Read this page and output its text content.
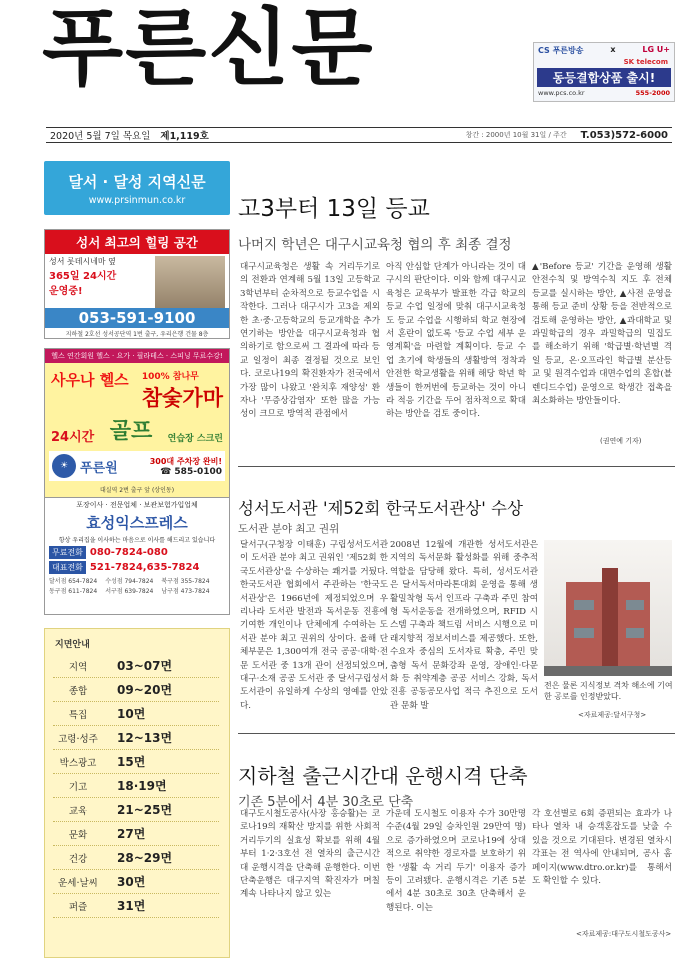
푸른신문	CS 푸른방송	x	LG U+
SK telecom
동등결합상품 출시!
www.pcs.co.kr	555-2000
2020년 5월 7일 목요일 제1,119호	창간 : 2000년 10월 31일 / 주간 T.053)572-6000
달서 · 달성 지역신문
www.prsinmun.co.kr
성서 최고의 힐링 공간
성서 롯데시네마 옆
365일 24시간
운영중!
053-591-9100
지하철 2호선 성서공단역 1번 출구, 우리은행 건물 8층
헬스 연간회원 헬스 · 요가 · 필라테스 · 스피닝 무료수강!
사우나 헬스 100% 참나무
참숯가마
24시간 골프 연습장 스크린
☀ 푸른원	300대 주차장 완비!
☎ 585-0100
대실역 2번 출구 앞 (상인동)
포장이사 · 전문업체 · 보관보험가입업체
효성익스프레스
항상 우리집을 이사하는 마음으로 이사를 해드리고 있습니다
무료전화 080-7824-080
대표전화 521-7824,635-7824
달서점 654-7824 수성점 794-7824 북구점 355-7824
동구점 611-7824 서구점 639-7824 남구점 473-7824
지면안내
지역	03~07면
종합	09~20면
특집	10면
고령·성주	12~13면
박스광고	15면
기고	18·19면
교육	21~25면
문화	27면
건강	28~29면
운세·날씨	30면
퍼즐	31면
고3부터 13일 등교
나머지 학년은 대구시교육청 협의 후 최종 결정
대구시교육청은 생활 속 거리두기로의 전환과 연계해 5월 13일 고등학교 3학년부터 순차적으로 등교수업을 시작한다. 그러나 대구시가 고3을 제외한 초·중·고등학교의 등교개학을 추가 연기하는 방안을 대구시교육청과 협의하기로 함으로써 그 결과에 따라 등교 일정이 최종 결정될 것으로 보인다. 코로나19의 확진환자가 전국에서 가장 많이 나왔고 '완치후 재양성' 환자나 '무증상감염자' 또한 많을 가능성이 크므로 방역적 관점에서
아직 안심할 단계가 아니라는 것이 대구시의 판단이다. 이와 함께 대구시교육청은 교육부가 발표한 각급 학교의 등교 수업 일정에 맞춰 대구시교육청도 등교 수업을 시행하되 학교 현장에서 혼란이 없도록 '등교 수업 세부 운영계획'을 마련할 계획이다. 등교 수업 초기에 학생들의 생활방역 정착과 안전한 학교생활을 위해 해당 학년 학생들이 한꺼번에 등교하는 것이 아니라 적응 기간을 두어 점차적으로 확대하는 방안을 검토 중이다.
▲'Before 등교' 기간을 운영해 생활안전수칙 및 방역수칙 지도 후 전체 등교를 실시하는 방안, ▲사전 운영을 통해 등교 준비 상황 등을 전반적으로 검토해 운영하는 방안, ▲과대학교 및 과밀학급의 경우 과밀학급의 밀집도를 해소하기 위해 '학급별·학년별 격일 등교, 온·오프라인 학급별 분산등교 및 원격수업과 대면수업의 혼합(블렌디드수업) 운영으로 학생간 접촉을 최소화하는 방안들이다.
(권연예 기자)
성서도서관 '제52회 한국도서관상' 수상
도서관 분야 최고 권위
달서구(구청장 이태훈) 구립성서도서관이 도서관 분야 최고 권위인 '제52회 한국도서관상'을 수상하는 쾌거를 거뒀다. 한국도서관 협회에서 주관하는 '한국도서관상'은 1966년에 제정되었으며 우리나라 도서관 발전과 독서운동 진흥에 기여한 개인이나 단체에게 수여하는 도서관 분야 최고 권위의 상이다. 올해 단체부문은 1,300여개 전국 공공·대학·전문 도서관 중 13개 관이 선정되었으며, 대구·소재 공공 도서관 중 달서구립성서도서관이 유일하게 수상의 영예를 안았다.
2008년 12월에 개관한 성서도서관은 지역의 독서문화 활성화를 위해 중추적 역할을 담당해 왔다. 특히, 성서도서관은 달서독서마라톤대회 운영을 통해 생활밀착형 독서 인프라 구축과 주민 참여형 독서운동을 전개하였으며, RFID 시스템 구축과 책드림 서비스 시행으로 미래지향적 정보서비스를 제공했다. 또한, 수요자 중심의 도서자료 확충, 주민 맞춤형 독서 문화강좌 운영, 장애인·다문화 등 취약계층 공공 서비스 강화, 독서진흥 공동공모사업 적극 추진으로 도서관 문화 발
전은 물론 지식정보 격차 해소에 기여한 공로를 인정받았다.
<자료제공:달서구청>
지하철 출근시간대 운행시격 단축
기존 5분에서 4분 30초로 단축
대구도시철도공사(사장 홍승활)는 코로나19의 재확산 방지를 위한 사회적 거리두기의 실효성 확보를 위해 4월부터 1·2·3호선 전 열차의 출근시간대 운행시격을 단축해 운행한다. 이번 단축운행은 대구지역 확진자가 며칠 계속 나타나지 않고 있는
가운데 도시철도 이용자 수가 30만명 수준(4월 29일 승차인원 29만여 명)으로 증가하였으며 코로나19에 상대적으로 취약한 경로자를 보호하기 위한 '생활 속 거리 두기' 이용자 증가 등이 고려됐다. 운행시격은 기존 5분에서 4분 30초로 30초 단축해서 운행된다. 이는
각 호선별로 6회 증편되는 효과가 나타나 열차 내 승객혼잡도를 낮출 수 있을 것으로 기대된다. 변경된 열차시각표는 전 역사에 안내되며, 공사 홈페이지(www.dtro.or.kr)를 통해서도 확인할 수 있다.
<자료제공:대구도시철도공사>
